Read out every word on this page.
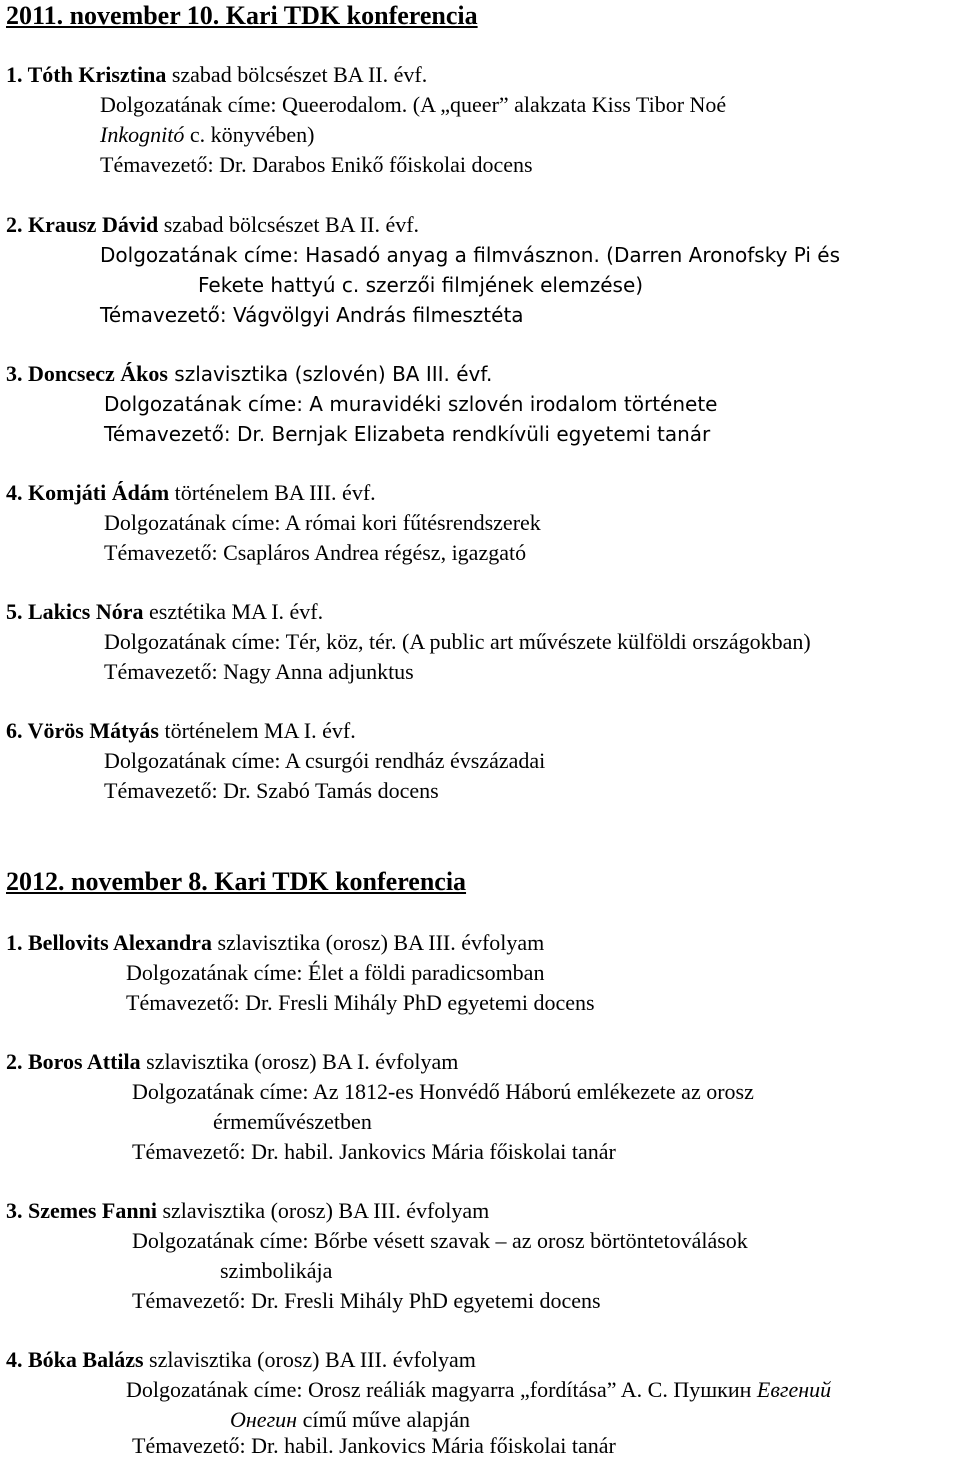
2011. november 10. Kari TDK konferencia
1. Tóth Krisztina szabad bölcsészet BA II. évf.
Dolgozatának címe: Queerodalom. (A „queer” alakzata Kiss Tibor Noé
Inkognitó c. könyvében)
Témavezető: Dr. Darabos Enikő főiskolai docens
2. Krausz Dávid szabad bölcsészet BA II. évf.
Dolgozatának címe: Hasadó anyag a filmvásznon. (Darren Aronofsky Pi és
Fekete hattyú c. szerzői filmjének elemzése)
Témavezető: Vágvölgyi András filmesztéta
3. Doncsecz Ákos szlavisztika (szlovén) BA III. évf.
Dolgozatának címe: A muravidéki szlovén irodalom története
Témavezető: Dr. Bernjak Elizabeta rendkívüli egyetemi tanár
4. Komjáti Ádám történelem BA III. évf.
Dolgozatának címe: A római kori fűtésrendszerek
Témavezető: Csapláros Andrea régész, igazgató
5. Lakics Nóra esztétika MA I. évf.
Dolgozatának címe: Tér, köz, tér. (A public art művészete külföldi országokban)
Témavezető: Nagy Anna adjunktus
6. Vörös Mátyás történelem MA I. évf.
Dolgozatának címe: A csurgói rendház évszázadai
Témavezető: Dr. Szabó Tamás docens
2012. november 8. Kari TDK konferencia
1. Bellovits Alexandra szlavisztika (orosz) BA III. évfolyam
Dolgozatának címe: Élet a földi paradicsomban
Témavezető: Dr. Fresli Mihály PhD egyetemi docens
2. Boros Attila szlavisztika (orosz) BA I. évfolyam
Dolgozatának címe: Az 1812-es Honvédő Háború emlékezete az orosz
érmeművészetben
Témavezető: Dr. habil. Jankovics Mária főiskolai tanár
3. Szemes Fanni szlavisztika (orosz) BA III. évfolyam
Dolgozatának címe: Bőrbe vésett szavak – az orosz börtöntetoválások
szimbolikája
Témavezető: Dr. Fresli Mihály PhD egyetemi docens
4. Bóka Balázs szlavisztika (orosz) BA III. évfolyam
Dolgozatának címe: Orosz reáliák magyarra „fordítása” A. C. Пушкин Евгений
Онегин című műve alapján
Témavezető: Dr. habil. Jankovics Mária főiskolai tanár
